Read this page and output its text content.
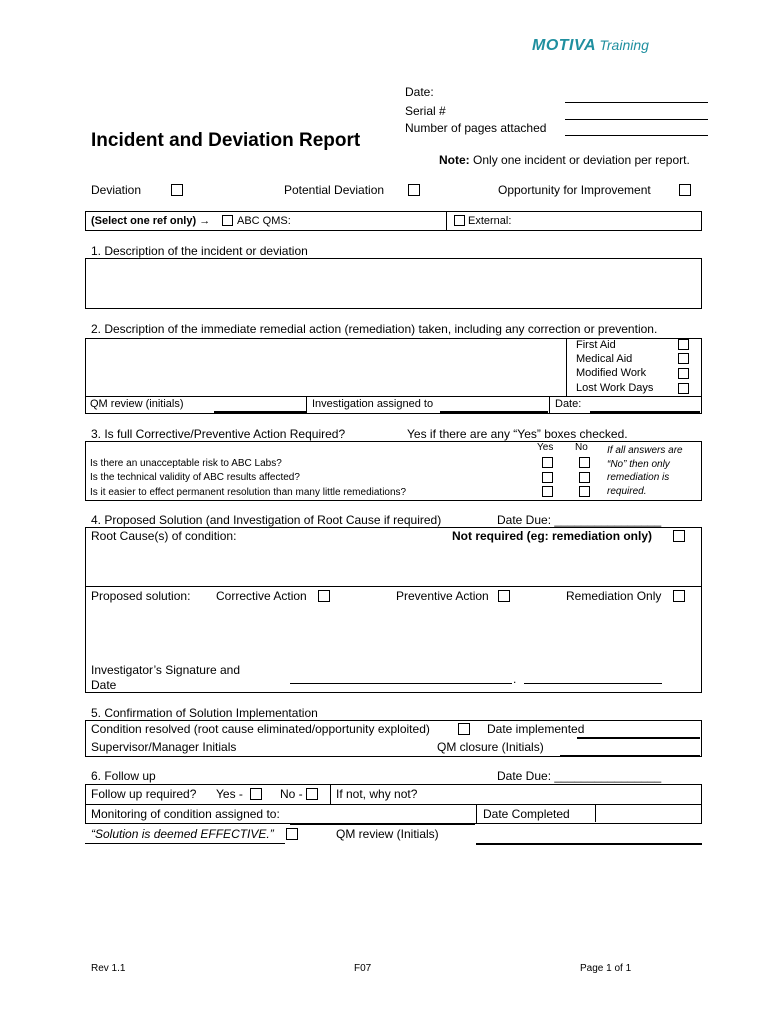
MOTIVA Training
Date:
Serial #
Number of pages attached
Incident and Deviation Report
Note: Only one incident or deviation per report.
Deviation	Potential Deviation	Opportunity for Improvement
(Select one ref only) → ABC QMS:	External:
1. Description of the incident or deviation
2. Description of the immediate remedial action (remediation) taken, including any correction or prevention.
First Aid
Medical Aid
Modified Work
Lost Work Days
QM review (initials)	Investigation assigned to	Date:
3. Is full Corrective/Preventive Action Required?	Yes if there are any “Yes” boxes checked.
Yes No
Is there an unacceptable risk to ABC Labs?
Is the technical validity of ABC results affected?
Is it easier to effect permanent resolution than many little remediations?
If all answers are
“No” then only
remediation is
required.
4. Proposed Solution (and Investigation of Root Cause if required)	Date Due: ________________
Root Cause(s) of condition:	Not required (eg: remediation only)
Proposed solution: Corrective Action	Preventive Action	Remediation Only
Investigator’s Signature and
Date	.
5. Confirmation of Solution Implementation
Condition resolved (root cause eliminated/opportunity exploited)	Date implemented
Supervisor/Manager Initials	QM closure (Initials)
6. Follow up	Date Due: ________________
Follow up required? Yes -	No -	If not, why not?
Monitoring of condition assigned to:	Date Completed
“Solution is deemed EFFECTIVE.”	QM review (Initials)
Rev 1.1	F07	Page 1 of 1
